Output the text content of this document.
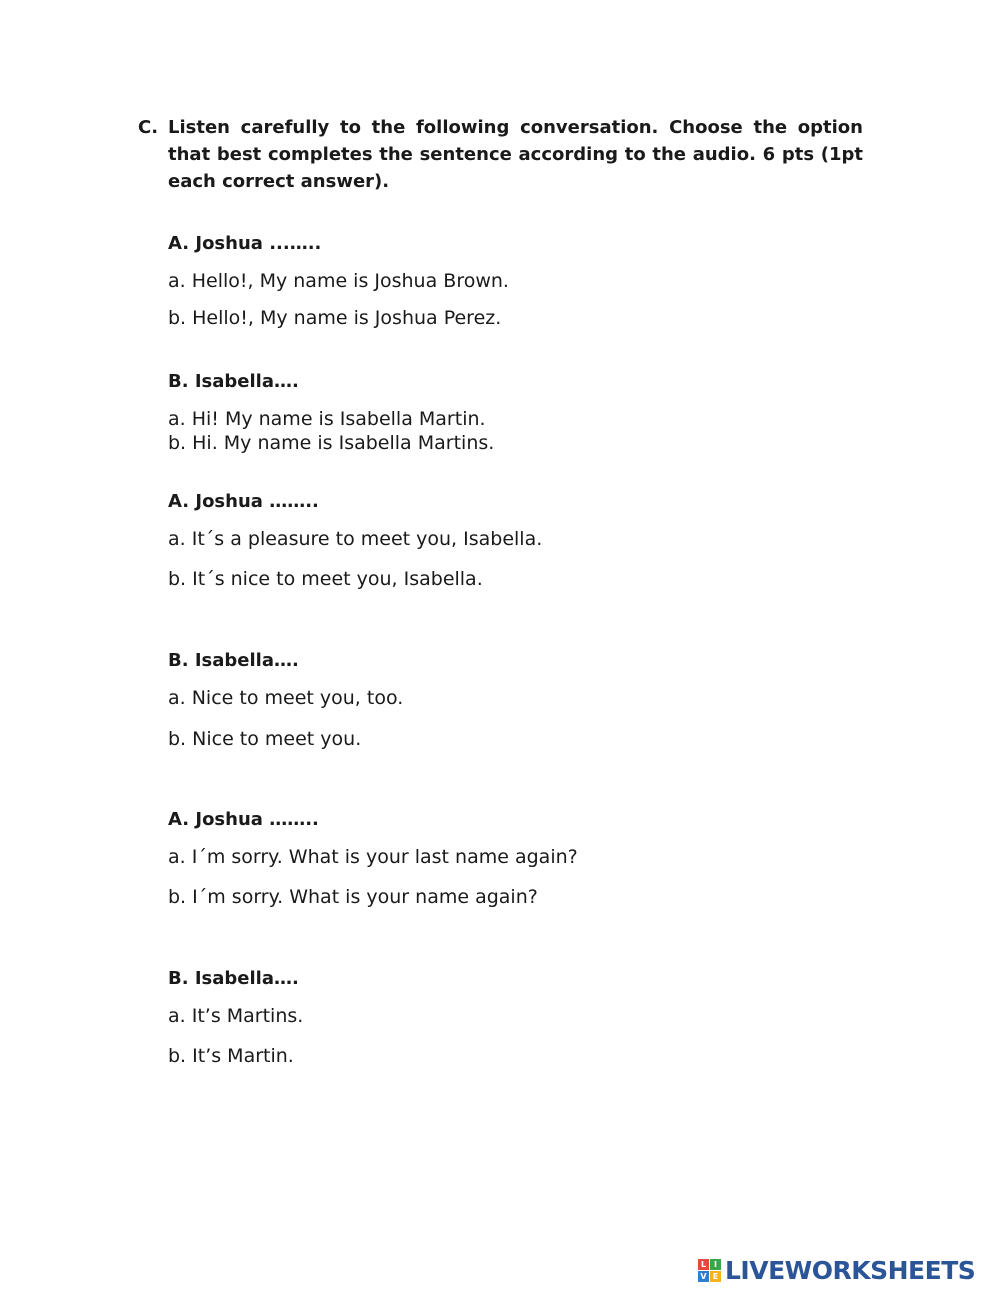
C. Listen carefully to the following conversation. Choose the option that best completes the sentence according to the audio. 6 pts (1pt each correct answer).

A. Joshua ...…..

a. Hello!, My name is Joshua Brown.

b. Hello!, My name is Joshua Perez.

B. Isabella….

a. Hi! My name is Isabella Martin.

b. Hi. My name is Isabella Martins.

A. Joshua ……..

a. It´s a pleasure to meet you, Isabella.

b. It´s nice to meet you, Isabella.

B. Isabella….

a. Nice to meet you, too.

b. Nice to meet you.

A. Joshua ……..

a. I´m sorry. What is your last name again?

b. I´m sorry. What is your name again?

B. Isabella….

a. It’s Martins.

b. It’s Martin.

L I
V E LIVEWORKSHEETS
